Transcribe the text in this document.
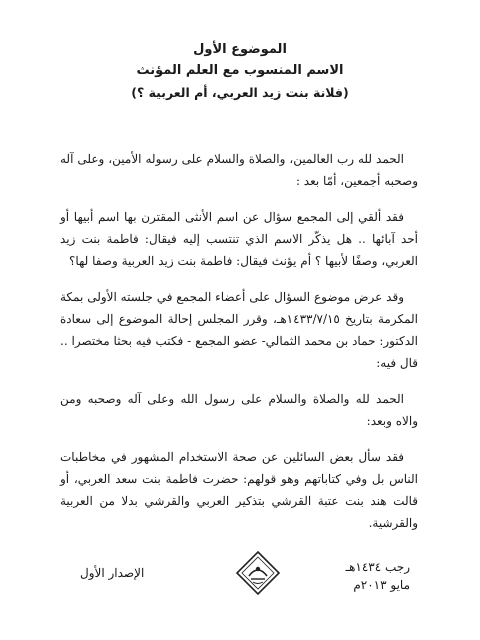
الموضوع الأول

الاسم المنسوب مع العلم المؤنث

(فلانة بنت زيد العربي، أم العربية ؟)

الحمد لله رب العالمين، والصلاة والسلام على رسوله الأمين، وعلى آله وصحبه أجمعين، أمّا بعد :

فقد ألقي إلى المجمع سؤال عن اسم الأنثى المقترن بها اسم أبيها أو أحد آبائها .. هل يذكّر الاسم الذي تنتسب إليه فيقال: فاطمة بنت زيد العربي، وصفًا لأبيها ؟ أم يؤنث فيقال: فاطمة بنت زيد العربية وصفا لها؟

وقد عرض موضوع السؤال على أعضاء المجمع في جلسته الأولى بمكة المكرمة بتاريخ ١٤٣٣/٧/١٥هـ، وقرر المجلس إحالة الموضوع إلى سعادة الدكتور: حماد بن محمد الثمالي- عضو المجمع - فكتب فيه بحثا مختصرا .. قال فيه:

الحمد لله والصلاة والسلام على رسول الله وعلى آله وصحبه ومن والاه وبعد:

فقد سأل بعض السائلين عن صحة الاستخدام المشهور في مخاطبات الناس بل وفي كتاباتهم وهو قولهم: حضرت فاطمة بنت سعد العربي، أو قالت هند بنت عتبة القرشي بتذكير العربي والقرشي بدلا من العربية والقرشية.

رجب ١٤٣٤هـ
مايو ٢٠١٣م
الإصدار الأول
